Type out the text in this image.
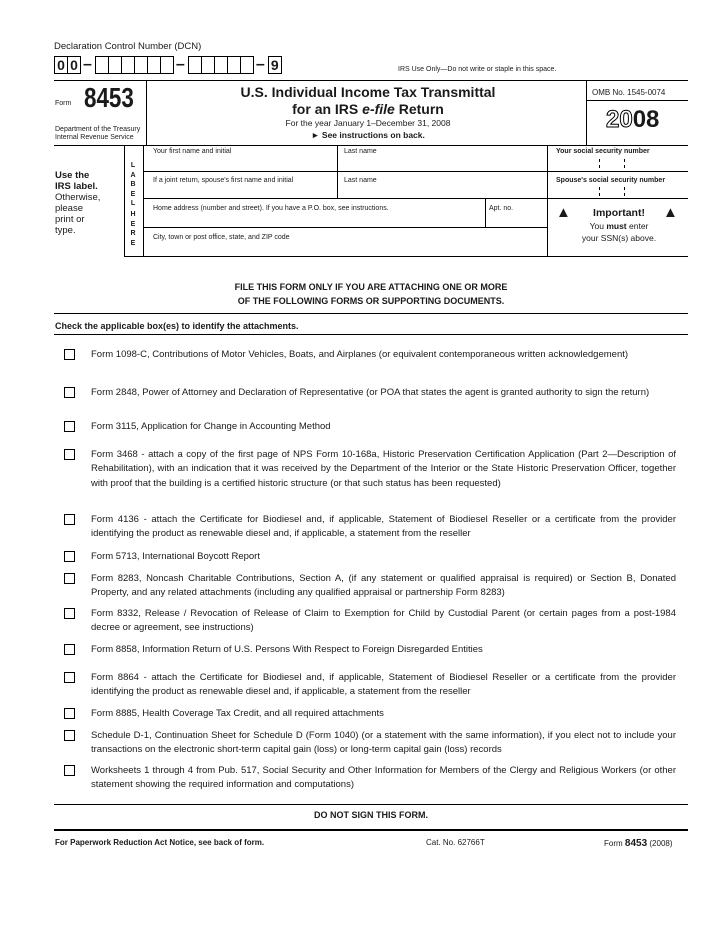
Declaration Control Number (DCN)
0 0 –	–	– 9	IRS Use Only—Do not write or staple in this space.
Form 8453
Department of the Treasury
Internal Revenue Service
U.S. Individual Income Tax Transmittal
for an IRS e-file Return
For the year January 1–December 31, 2008
► See instructions on back.
OMB No. 1545-0074
2008
Use the
IRS label.
Otherwise,
please
print or
type.
L
A
B
E
L
H
E
R
E
Your first name and initial	Last name	Your social security number
If a joint return, spouse's first name and initial	Last name	Spouse's social security number
Home address (number and street). If you have a P.O. box, see instructions.	Apt. no.
City, town or post office, state, and ZIP code
▲	▲
Important!
You must enter
your SSN(s) above.
FILE THIS FORM ONLY IF YOU ARE ATTACHING ONE OR MORE
OF THE FOLLOWING FORMS OR SUPPORTING DOCUMENTS.
Check the applicable box(es) to identify the attachments.
Form 1098-C, Contributions of Motor Vehicles, Boats, and Airplanes (or equivalent contemporaneous written acknowledgement)
Form 2848, Power of Attorney and Declaration of Representative (or POA that states the agent is granted authority to sign the return)
Form 3115, Application for Change in Accounting Method
Form 3468 - attach a copy of the first page of NPS Form 10-168a, Historic Preservation Certification Application (Part 2—Description of Rehabilitation), with an indication that it was received by the Department of the Interior or the State Historic Preservation Officer, together with proof that the building is a certified historic structure (or that such status has been requested)
Form 4136 - attach the Certificate for Biodiesel and, if applicable, Statement of Biodiesel Reseller or a certificate from the provider identifying the product as renewable diesel and, if applicable, a statement from the reseller
Form 5713, International Boycott Report
Form 8283, Noncash Charitable Contributions, Section A, (if any statement or qualified appraisal is required) or Section B, Donated Property, and any related attachments (including any qualified appraisal or partnership Form 8283)
Form 8332, Release / Revocation of Release of Claim to Exemption for Child by Custodial Parent (or certain pages from a post-1984 decree or agreement, see instructions)
Form 8858, Information Return of U.S. Persons With Respect to Foreign Disregarded Entities
Form 8864 - attach the Certificate for Biodiesel and, if applicable, Statement of Biodiesel Reseller or a certificate from the provider identifying the product as renewable diesel and, if applicable, a statement from the reseller
Form 8885, Health Coverage Tax Credit, and all required attachments
Schedule D-1, Continuation Sheet for Schedule D (Form 1040) (or a statement with the same information), if you elect not to include your transactions on the electronic short-term capital gain (loss) or long-term capital gain (loss) records
Worksheets 1 through 4 from Pub. 517, Social Security and Other Information for Members of the Clergy and Religious Workers (or other statement showing the required information and computations)
DO NOT SIGN THIS FORM.
For Paperwork Reduction Act Notice, see back of form.	Cat. No. 62766T	Form 8453 (2008)
